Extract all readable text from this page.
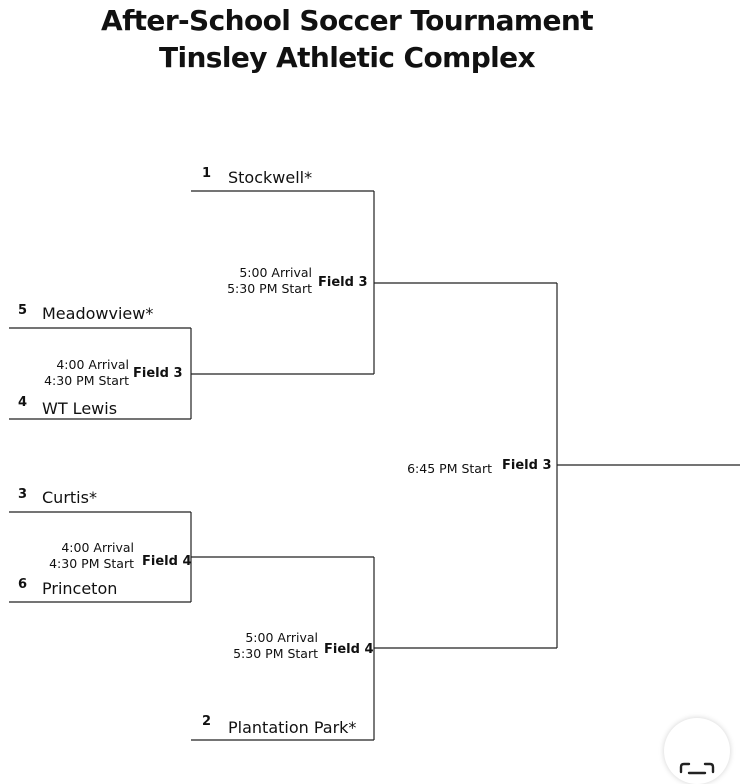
After-School Soccer Tournament
Tinsley Athletic Complex
1 Stockwell*
5 Meadowview*
4 WT Lewis
3 Curtis*
6 Princeton
2 Plantation Park*
4:00 Arrival
4:30 PM Start Field 3
4:00 Arrival
4:30 PM Start Field 4
5:00 Arrival
5:30 PM Start Field 3
5:00 Arrival
5:30 PM Start Field 4
6:45 PM Start Field 3
